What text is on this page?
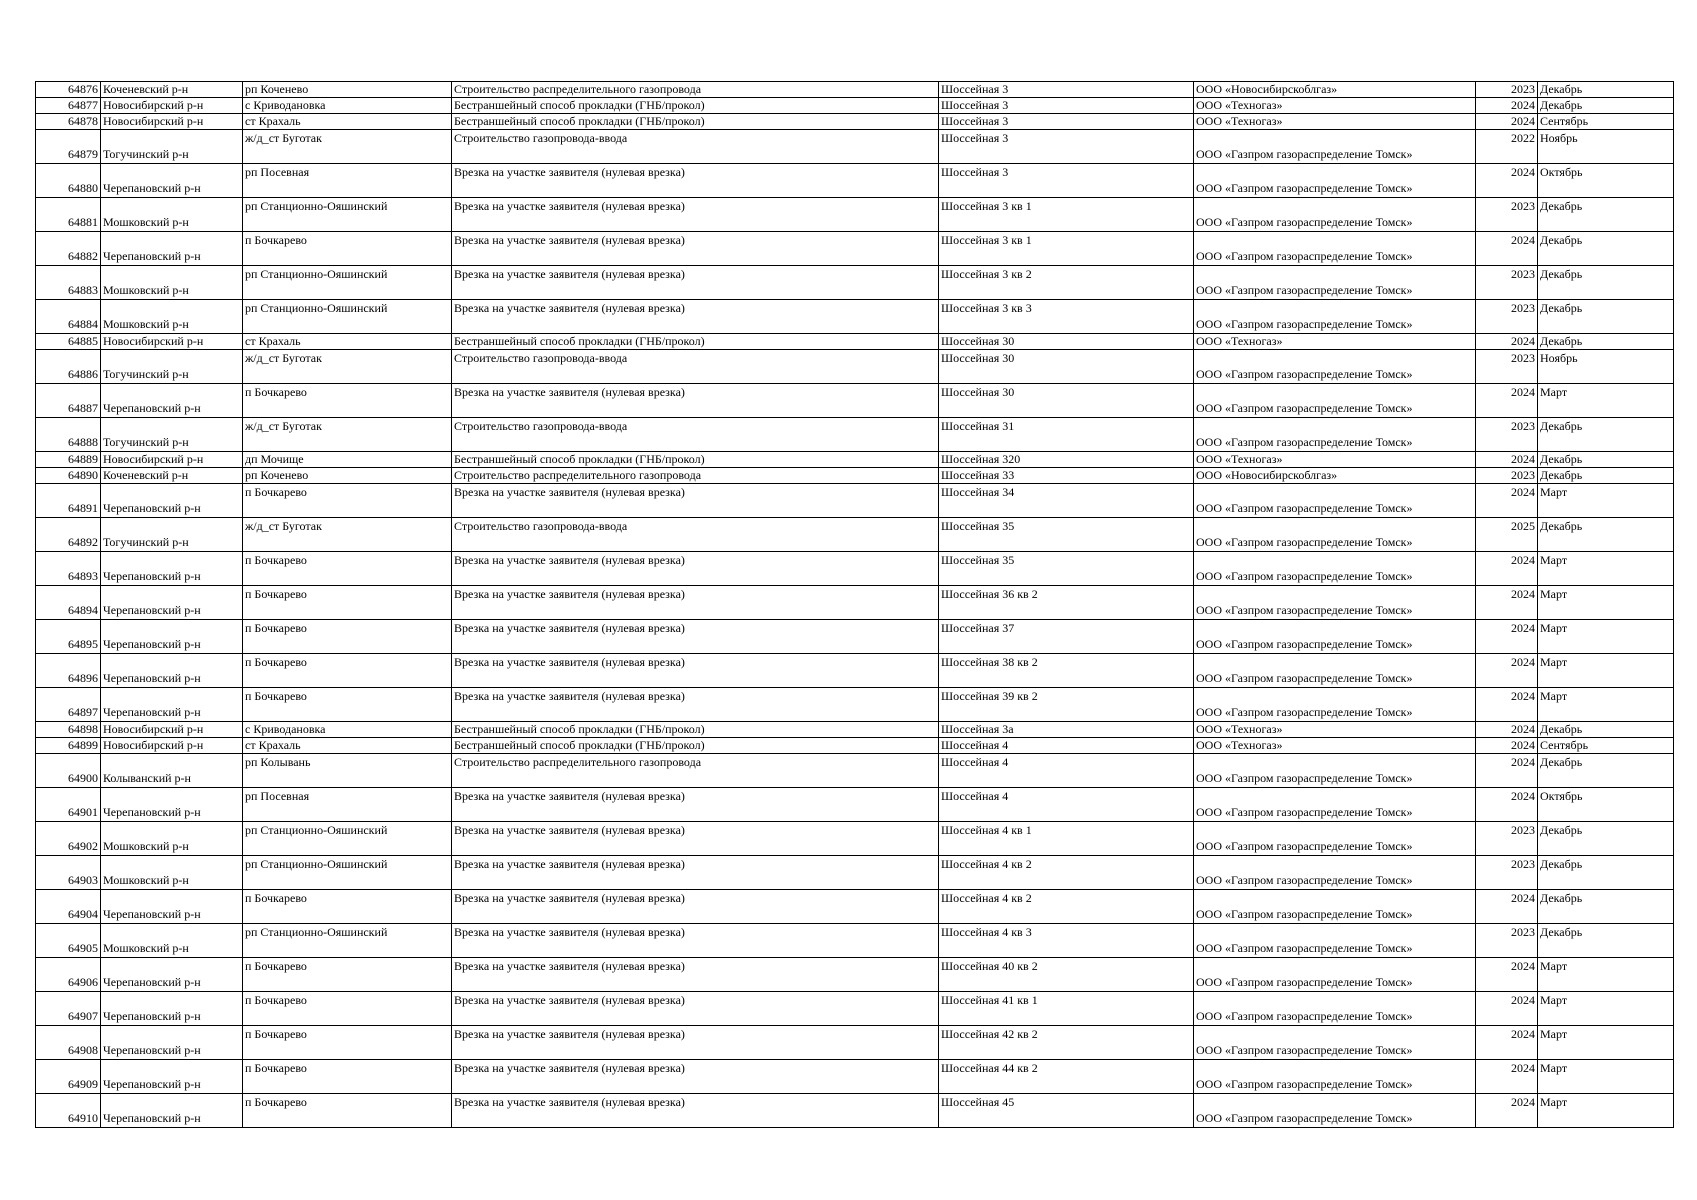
64876	Коченевский р-н	рп Коченево	Строительство распределительного газопровода	Шоссейная 3	ООО «Новосибирскоблгаз»	2023	Декабрь
64877	Новосибирский р-н	с Криводановка	Бестраншейный способ прокладки (ГНБ/прокол)	Шоссейная 3	ООО «Техногаз»	2024	Декабрь
64878	Новосибирский р-н	ст Крахаль	Бестраншейный способ прокладки (ГНБ/прокол)	Шоссейная 3	ООО «Техногаз»	2024	Сентябрь
64879	Тогучинский р-н	ж/д_ст Буготак	Строительство газопровода-ввода	Шоссейная 3	ООО «Газпром газораспределение Томск»	2022	Ноябрь
64880	Черепановский р-н	рп Посевная	Врезка на участке заявителя (нулевая врезка)	Шоссейная 3	ООО «Газпром газораспределение Томск»	2024	Октябрь
64881	Мошковский р-н	рп Станционно-Ояшинский	Врезка на участке заявителя (нулевая врезка)	Шоссейная 3 кв 1	ООО «Газпром газораспределение Томск»	2023	Декабрь
64882	Черепановский р-н	п Бочкарево	Врезка на участке заявителя (нулевая врезка)	Шоссейная 3 кв 1	ООО «Газпром газораспределение Томск»	2024	Декабрь
64883	Мошковский р-н	рп Станционно-Ояшинский	Врезка на участке заявителя (нулевая врезка)	Шоссейная 3 кв 2	ООО «Газпром газораспределение Томск»	2023	Декабрь
64884	Мошковский р-н	рп Станционно-Ояшинский	Врезка на участке заявителя (нулевая врезка)	Шоссейная 3 кв 3	ООО «Газпром газораспределение Томск»	2023	Декабрь
64885	Новосибирский р-н	ст Крахаль	Бестраншейный способ прокладки (ГНБ/прокол)	Шоссейная 30	ООО «Техногаз»	2024	Декабрь
64886	Тогучинский р-н	ж/д_ст Буготак	Строительство газопровода-ввода	Шоссейная 30	ООО «Газпром газораспределение Томск»	2023	Ноябрь
64887	Черепановский р-н	п Бочкарево	Врезка на участке заявителя (нулевая врезка)	Шоссейная 30	ООО «Газпром газораспределение Томск»	2024	Март
64888	Тогучинский р-н	ж/д_ст Буготак	Строительство газопровода-ввода	Шоссейная 31	ООО «Газпром газораспределение Томск»	2023	Декабрь
64889	Новосибирский р-н	дп Мочище	Бестраншейный способ прокладки (ГНБ/прокол)	Шоссейная 320	ООО «Техногаз»	2024	Декабрь
64890	Коченевский р-н	рп Коченево	Строительство распределительного газопровода	Шоссейная 33	ООО «Новосибирскоблгаз»	2023	Декабрь
64891	Черепановский р-н	п Бочкарево	Врезка на участке заявителя (нулевая врезка)	Шоссейная 34	ООО «Газпром газораспределение Томск»	2024	Март
64892	Тогучинский р-н	ж/д_ст Буготак	Строительство газопровода-ввода	Шоссейная 35	ООО «Газпром газораспределение Томск»	2025	Декабрь
64893	Черепановский р-н	п Бочкарево	Врезка на участке заявителя (нулевая врезка)	Шоссейная 35	ООО «Газпром газораспределение Томск»	2024	Март
64894	Черепановский р-н	п Бочкарево	Врезка на участке заявителя (нулевая врезка)	Шоссейная 36 кв 2	ООО «Газпром газораспределение Томск»	2024	Март
64895	Черепановский р-н	п Бочкарево	Врезка на участке заявителя (нулевая врезка)	Шоссейная 37	ООО «Газпром газораспределение Томск»	2024	Март
64896	Черепановский р-н	п Бочкарево	Врезка на участке заявителя (нулевая врезка)	Шоссейная 38 кв 2	ООО «Газпром газораспределение Томск»	2024	Март
64897	Черепановский р-н	п Бочкарево	Врезка на участке заявителя (нулевая врезка)	Шоссейная 39 кв 2	ООО «Газпром газораспределение Томск»	2024	Март
64898	Новосибирский р-н	с Криводановка	Бестраншейный способ прокладки (ГНБ/прокол)	Шоссейная 3а	ООО «Техногаз»	2024	Декабрь
64899	Новосибирский р-н	ст Крахаль	Бестраншейный способ прокладки (ГНБ/прокол)	Шоссейная 4	ООО «Техногаз»	2024	Сентябрь
64900	Колыванский р-н	рп Колывань	Строительство распределительного газопровода	Шоссейная 4	ООО «Газпром газораспределение Томск»	2024	Декабрь
64901	Черепановский р-н	рп Посевная	Врезка на участке заявителя (нулевая врезка)	Шоссейная 4	ООО «Газпром газораспределение Томск»	2024	Октябрь
64902	Мошковский р-н	рп Станционно-Ояшинский	Врезка на участке заявителя (нулевая врезка)	Шоссейная 4 кв 1	ООО «Газпром газораспределение Томск»	2023	Декабрь
64903	Мошковский р-н	рп Станционно-Ояшинский	Врезка на участке заявителя (нулевая врезка)	Шоссейная 4 кв 2	ООО «Газпром газораспределение Томск»	2023	Декабрь
64904	Черепановский р-н	п Бочкарево	Врезка на участке заявителя (нулевая врезка)	Шоссейная 4 кв 2	ООО «Газпром газораспределение Томск»	2024	Декабрь
64905	Мошковский р-н	рп Станционно-Ояшинский	Врезка на участке заявителя (нулевая врезка)	Шоссейная 4 кв 3	ООО «Газпром газораспределение Томск»	2023	Декабрь
64906	Черепановский р-н	п Бочкарево	Врезка на участке заявителя (нулевая врезка)	Шоссейная 40 кв 2	ООО «Газпром газораспределение Томск»	2024	Март
64907	Черепановский р-н	п Бочкарево	Врезка на участке заявителя (нулевая врезка)	Шоссейная 41 кв 1	ООО «Газпром газораспределение Томск»	2024	Март
64908	Черепановский р-н	п Бочкарево	Врезка на участке заявителя (нулевая врезка)	Шоссейная 42 кв 2	ООО «Газпром газораспределение Томск»	2024	Март
64909	Черепановский р-н	п Бочкарево	Врезка на участке заявителя (нулевая врезка)	Шоссейная 44 кв 2	ООО «Газпром газораспределение Томск»	2024	Март
64910	Черепановский р-н	п Бочкарево	Врезка на участке заявителя (нулевая врезка)	Шоссейная 45	ООО «Газпром газораспределение Томск»	2024	Март
